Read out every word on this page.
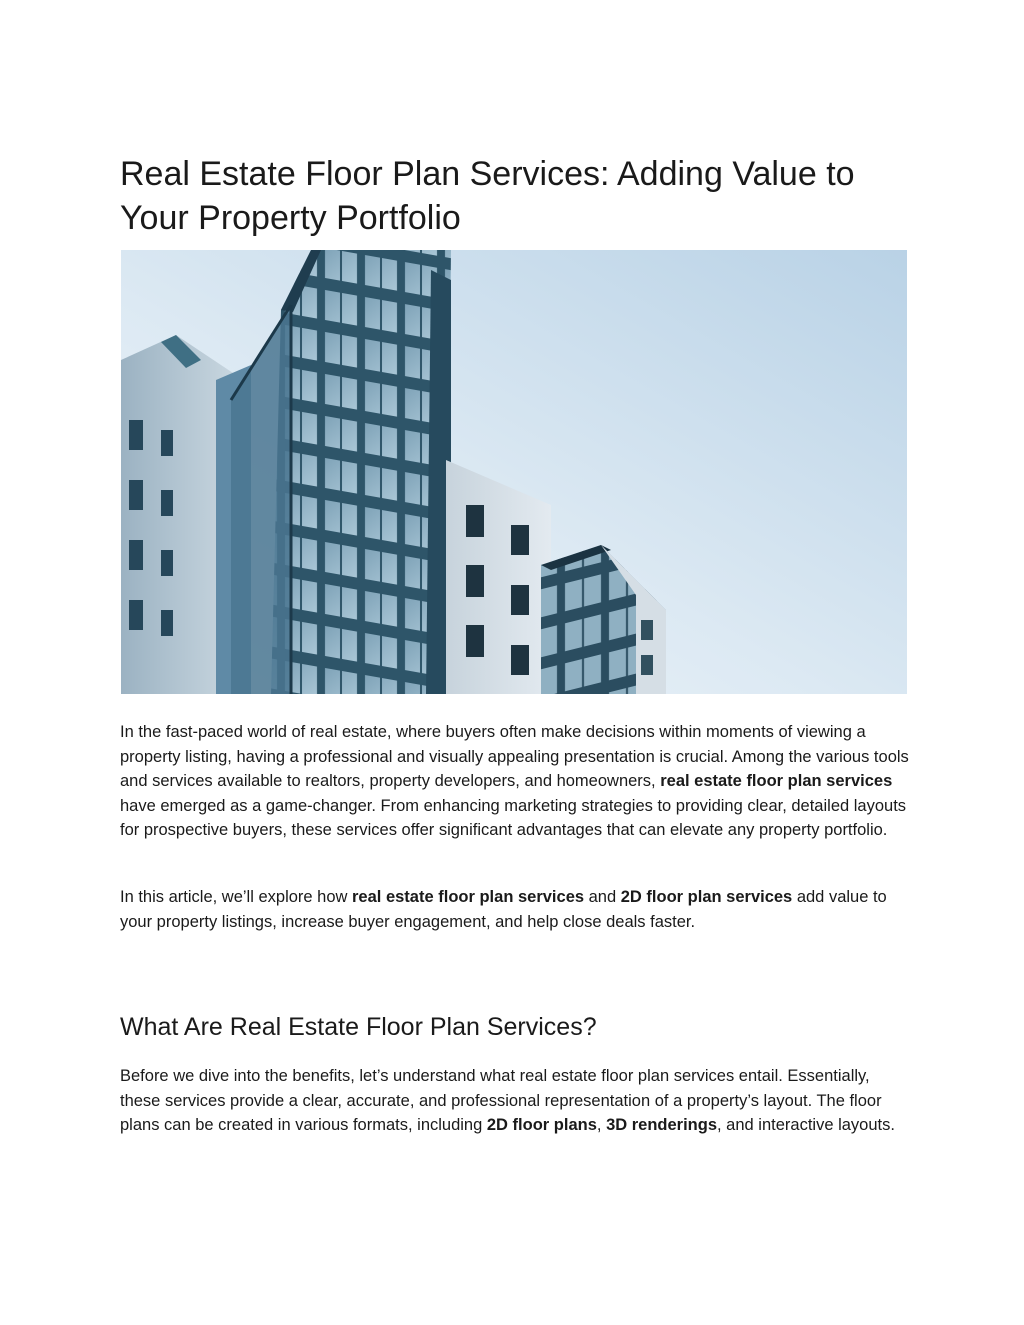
Real Estate Floor Plan Services: Adding Value to Your Property Portfolio

In the fast-paced world of real estate, where buyers often make decisions within moments of viewing a property listing, having a professional and visually appealing presentation is crucial. Among the various tools and services available to realtors, property developers, and homeowners, real estate floor plan services have emerged as a game-changer. From enhancing marketing strategies to providing clear, detailed layouts for prospective buyers, these services offer significant advantages that can elevate any property portfolio.

In this article, we’ll explore how real estate floor plan services and 2D floor plan services add value to your property listings, increase buyer engagement, and help close deals faster.

What Are Real Estate Floor Plan Services?

Before we dive into the benefits, let’s understand what real estate floor plan services entail. Essentially, these services provide a clear, accurate, and professional representation of a property’s layout. The floor plans can be created in various formats, including 2D floor plans, 3D renderings, and interactive layouts.
